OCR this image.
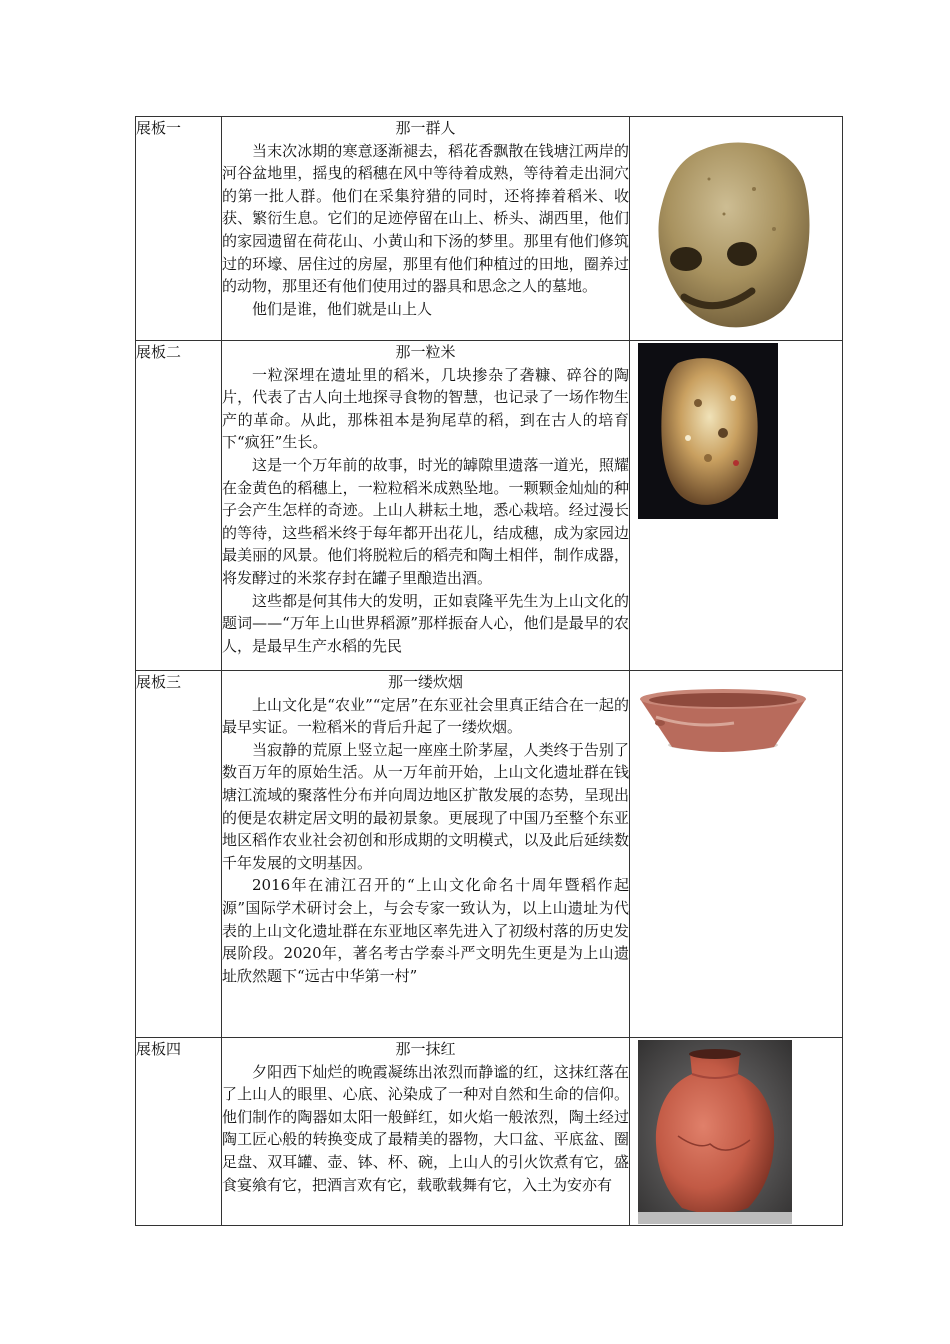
展板一	那一群人

当末次冰期的寒意逐渐褪去，稻花香飘散在钱塘江两岸的河谷盆地里，摇曳的稻穗在风中等待着成熟，等待着走出洞穴的第一批人群。他们在采集狩猎的同时，还将捧着稻米、收获、繁衍生息。它们的足迹停留在山上、桥头、湖西里，他们的家园遗留在荷花山、小黄山和下汤的梦里。那里有他们修筑过的环壕、居住过的房屋，那里有他们种植过的田地，圈养过的动物，那里还有他们使用过的器具和思念之人的墓地。

他们是谁，他们就是山上人

展板二	那一粒米

一粒深埋在遗址里的稻米，几块掺杂了砻糠、碎谷的陶片，代表了古人向土地探寻食物的智慧，也记录了一场作物生产的革命。从此，那株祖本是狗尾草的稻，到在古人的培育下“疯狂”生长。

这是一个万年前的故事，时光的罅隙里遗落一道光，照耀在金黄色的稻穗上，一粒粒稻米成熟坠地。一颗颗金灿灿的种子会产生怎样的奇迹。上山人耕耘土地，悉心栽培。经过漫长的等待，这些稻米终于每年都开出花儿，结成穗，成为家园边最美丽的风景。他们将脱粒后的稻壳和陶土相伴，制作成器，将发酵过的米浆存封在罐子里酿造出酒。

这些都是何其伟大的发明，正如袁隆平先生为上山文化的题词——“万年上山世界稻源”那样振奋人心，他们是最早的农人，是最早生产水稻的先民

展板三	那一缕炊烟

上山文化是“农业”“定居”在东亚社会里真正结合在一起的最早实证。一粒稻米的背后升起了一缕炊烟。

当寂静的荒原上竖立起一座座土阶茅屋，人类终于告别了数百万年的原始生活。从一万年前开始，上山文化遗址群在钱塘江流域的聚落性分布并向周边地区扩散发展的态势，呈现出的便是农耕定居文明的最初景象。更展现了中国乃至整个东亚地区稻作农业社会初创和形成期的文明模式，以及此后延续数千年发展的文明基因。

2016年在浦江召开的“上山文化命名十周年暨稻作起源”国际学术研讨会上，与会专家一致认为，以上山遗址为代表的上山文化遗址群在东亚地区率先进入了初级村落的历史发展阶段。2020年，著名考古学泰斗严文明先生更是为上山遗址欣然题下“远古中华第一村”

展板四	那一抹红

夕阳西下灿烂的晚霞凝练出浓烈而静谧的红，这抹红落在了上山人的眼里、心底、沁染成了一种对自然和生命的信仰。他们制作的陶器如太阳一般鲜红，如火焰一般浓烈，陶土经过陶工匠心般的转换变成了最精美的器物，大口盆、平底盆、圈足盘、双耳罐、壶、钵、杯、碗，上山人的引火饮煮有它，盛食宴飨有它，把酒言欢有它，载歌载舞有它，入土为安亦有
